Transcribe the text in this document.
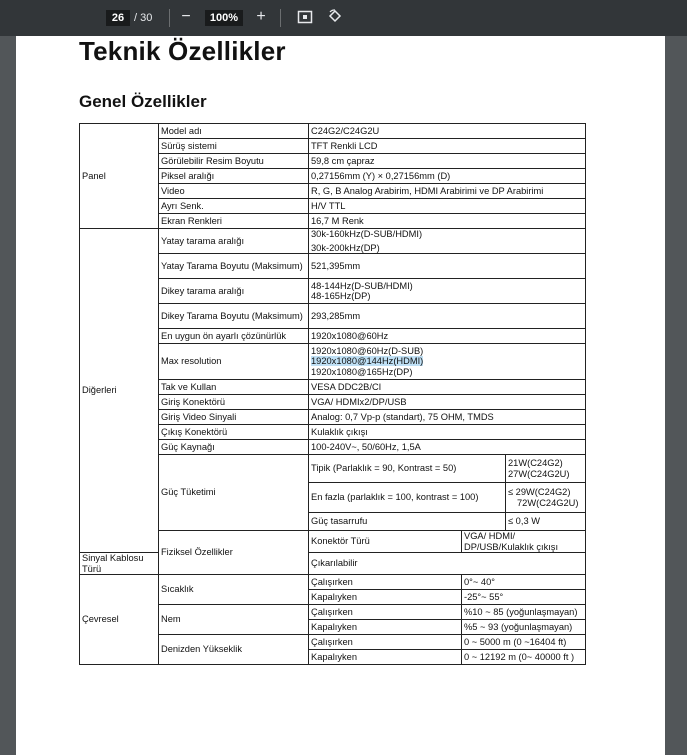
26 / 30	−	100%	+
Teknik Özellikler
Genel Özellikler
Panel	Model adı	C24G2/C24G2U		
	Sürüş sistemi	TFT Renkli LCD		
	Görülebilir Resim Boyutu	59,8 cm çapraz		
	Piksel aralığı	0,27156mm (Y) × 0,27156mm (D)		
	Video	R, G, B Analog Arabirim, HDMI Arabirimi ve DP Arabirimi		
	Ayrı Senk.	H/V TTL		
	Ekran Renkleri	16,7 M Renk		
Diğerleri	Yatay tarama aralığı	30k-160kHz(D-SUB/HDMI)
30k-200kHz(DP)		

	Yatay Tarama Boyutu (Maksimum)	521,395mm		
	Dikey tarama aralığı	48-144Hz(D-SUB/HDMI)
48-165Hz(DP)		

	Dikey Tarama Boyutu (Maksimum)	293,285mm		
	En uygun ön ayarlı çözünürlük	1920x1080@60Hz		
	Max resolution	1920x1080@60Hz(D-SUB)
1920x1080@144Hz(HDMI)
1920x1080@165Hz(DP)		

	Tak ve Kullan	VESA DDC2B/CI		
	Giriş Konektörü	VGA/ HDMIx2/DP/USB		
	Giriş Video Sinyali	Analog: 0,7 Vp-p (standart), 75 OHM, TMDS		
	Çıkış Konektörü	Kulaklık çıkışı		
	Güç Kaynağı	100-240V~, 50/60Hz, 1,5A		
	Güç Tüketimi	Tipik (Parlaklık = 90, Kontrast = 50)		21W(C24G2)
27W(C24G2U)

		En fazla (parlaklık = 100, kontrast = 100)		≤ 29W(C24G2)
72W(C24G2U)

		Güç tasarrufu		≤ 0,3 W
	Fiziksel Özellikler	Konektör Türü	VGA/ HDMI/ DP/USB/Kulaklık çıkışı	
Sinyal Kablosu Türü		Çıkarılabilir		
Çevresel	Sıcaklık	Çalışırken	0°~ 40°	
		Kapalıyken	-25°~ 55°	
	Nem	Çalışırken	%10 ~ 85 (yoğunlaşmayan)	
		Kapalıyken	%5 ~ 93 (yoğunlaşmayan)	
	Denizden Yükseklik	Çalışırken	0 ~ 5000 m (0 ~16404 ft)	
		Kapalıyken	0 ~ 12192 m (0~ 40000 ft )	
